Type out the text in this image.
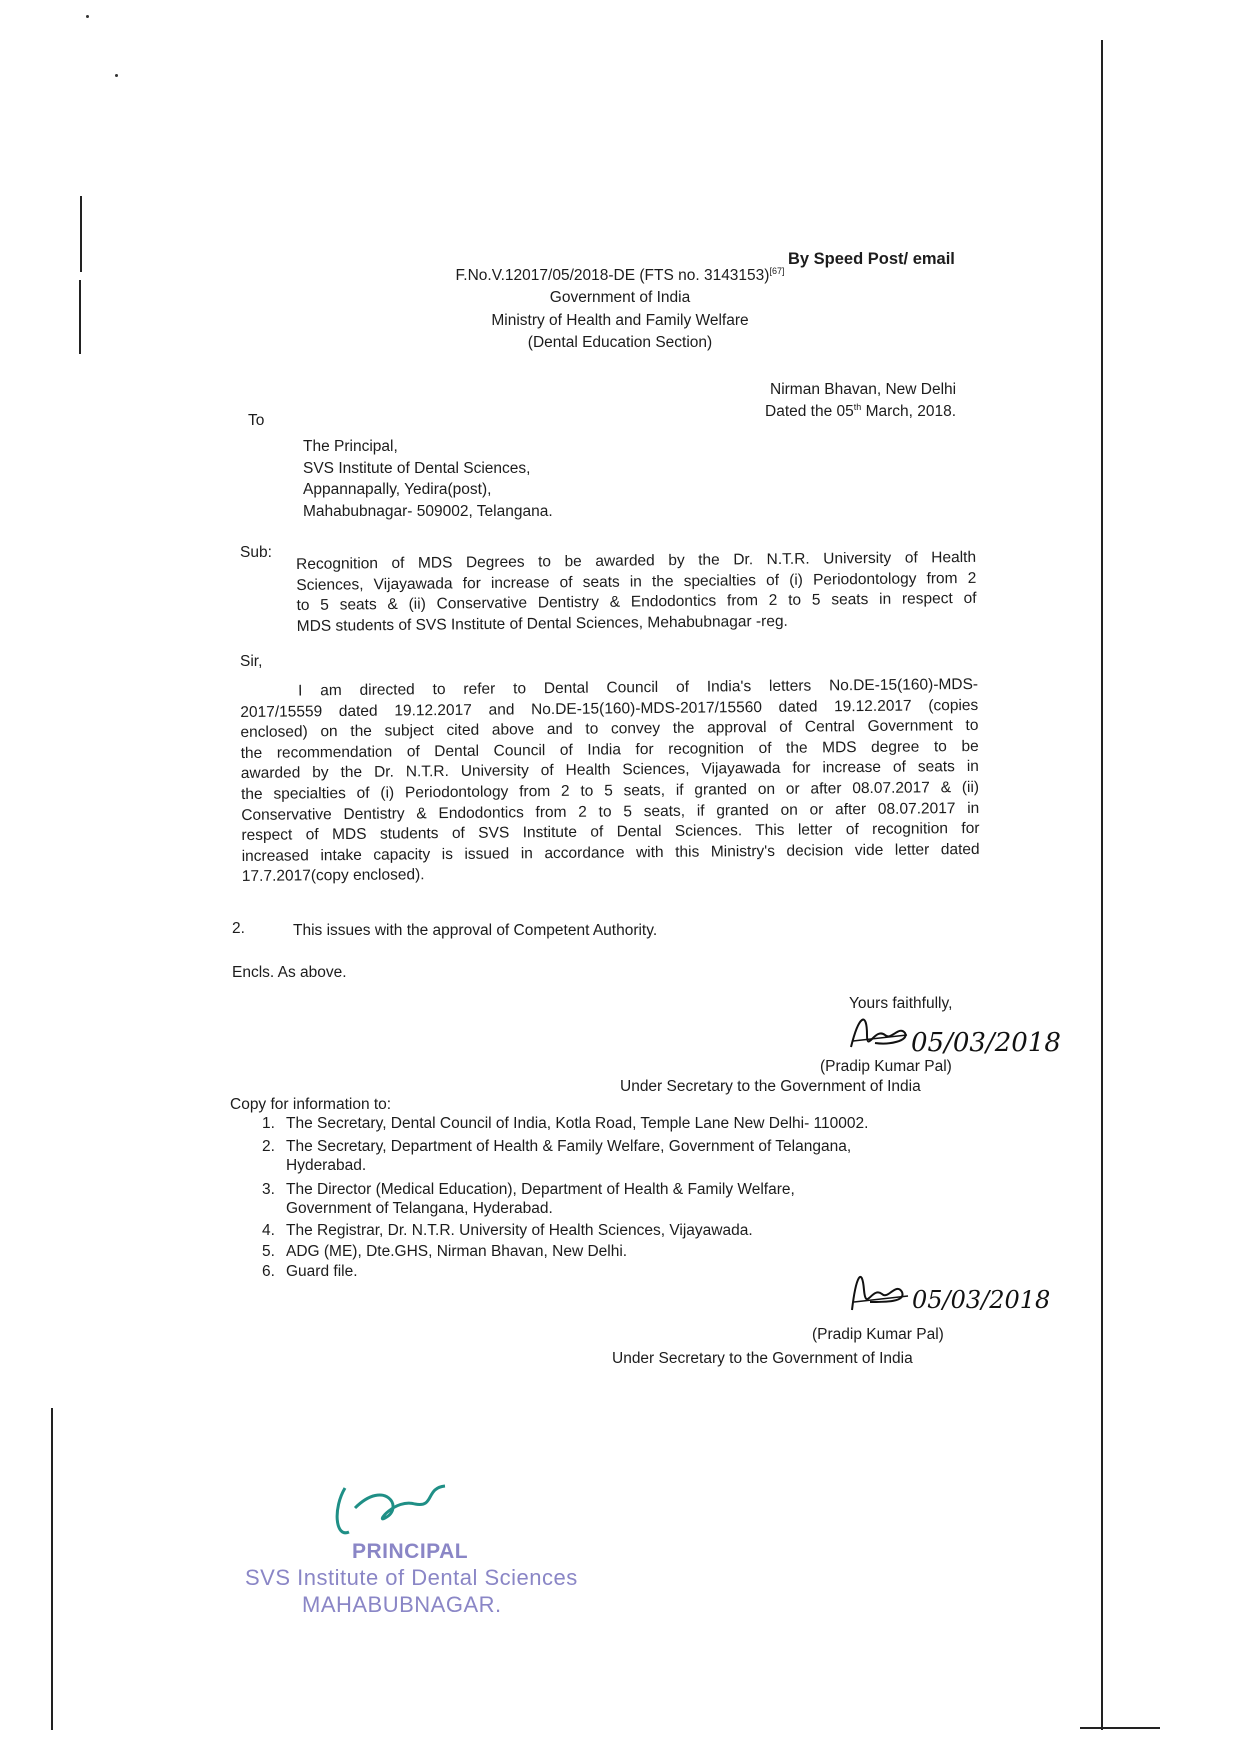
By Speed Post/ email
F.No.V.12017/05/2018-DE (FTS no. 3143153)[67]
Government of India
Ministry of Health and Family Welfare
(Dental Education Section)
Nirman Bhavan, New Delhi
Dated the 05th March, 2018.
To
The Principal,
SVS Institute of Dental Sciences,
Appannapally, Yedira(post),
Mahabubnagar- 509002, Telangana.
Sub: Recognition of MDS Degrees to be awarded by the Dr. N.T.R. University of Health
Sciences, Vijayawada for increase of seats in the specialties of (i) Periodontology from 2
to 5 seats & (ii) Conservative Dentistry & Endodontics from 2 to 5 seats in respect of
MDS students of SVS Institute of Dental Sciences, Mehabubnagar -reg.
Sir,
I am directed to refer to Dental Council of India's letters No.DE-15(160)-MDS-
2017/15559 dated 19.12.2017 and No.DE-15(160)-MDS-2017/15560 dated 19.12.2017 (copies
enclosed) on the subject cited above and to convey the approval of Central Government to
the recommendation of Dental Council of India for recognition of the MDS degree to be
awarded by the Dr. N.T.R. University of Health Sciences, Vijayawada for increase of seats in
the specialties of (i) Periodontology from 2 to 5 seats, if granted on or after 08.07.2017 & (ii)
Conservative Dentistry & Endodontics from 2 to 5 seats, if granted on or after 08.07.2017 in
respect of MDS students of SVS Institute of Dental Sciences. This letter of recognition for
increased intake capacity is issued in accordance with this Ministry's decision vide letter dated
17.7.2017(copy enclosed).
2.	This issues with the approval of Competent Authority.
Encls. As above.
Yours faithfully,
05/03/2018
(Pradip Kumar Pal)
Under Secretary to the Government of India
Copy for information to:
1. The Secretary, Dental Council of India, Kotla Road, Temple Lane New Delhi- 110002.
2. The Secretary, Department of Health & Family Welfare, Government of Telangana,
Hyderabad.
3. The Director (Medical Education), Department of Health & Family Welfare,
Government of Telangana, Hyderabad.
4. The Registrar, Dr. N.T.R. University of Health Sciences, Vijayawada.
5. ADG (ME), Dte.GHS, Nirman Bhavan, New Delhi.
6. Guard file.
05/03/2018
(Pradip Kumar Pal)
Under Secretary to the Government of India
PRINCIPAL
SVS Institute of Dental Sciences
MAHABUBNAGAR.
